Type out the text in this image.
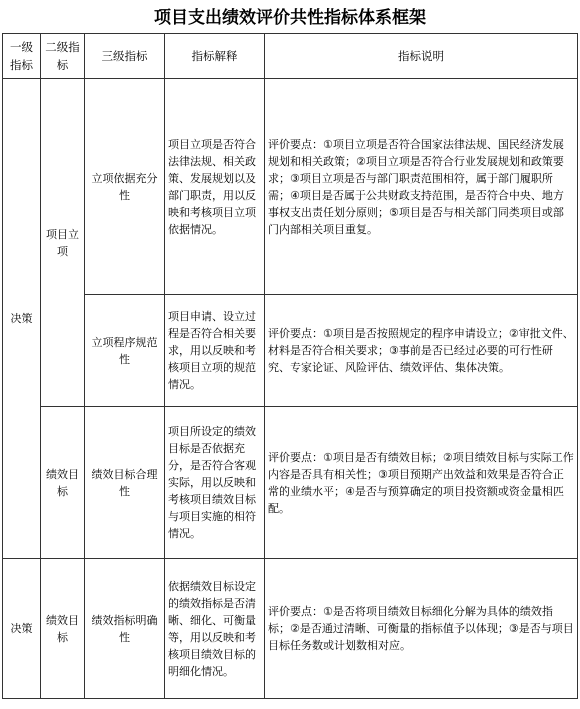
项目支出绩效评价共性指标体系框架
一级指标	二级指标	三级指标	指标解释	指标说明
决策	项目立项	立项依据充分性	项目立项是否符合法律法规、相关政策、发展规划以及部门职责，用以反映和考核项目立项依据情况。	评价要点：①项目立项是否符合国家法律法规、国民经济发展规划和相关政策；②项目立项是否符合行业发展规划和政策要求；③项目立项是否与部门职责范围相符，属于部门履职所需；④项目是否属于公共财政支持范围，是否符合中央、地方事权支出责任划分原则；⑤项目是否与相关部门同类项目或部门内部相关项目重复。
		立项程序规范性	项目申请、设立过程是否符合相关要求，用以反映和考核项目立项的规范情况。	评价要点：①项目是否按照规定的程序申请设立；②审批文件、材料是否符合相关要求；③事前是否已经过必要的可行性研究、专家论证、风险评估、绩效评估、集体决策。
	绩效目标	绩效目标合理性	项目所设定的绩效目标是否依据充分，是否符合客观实际，用以反映和考核项目绩效目标与项目实施的相符情况。	评价要点：①项目是否有绩效目标；②项目绩效目标与实际工作内容是否具有相关性；③项目预期产出效益和效果是否符合正常的业绩水平；④是否与预算确定的项目投资额或资金量相匹配。
决策	绩效目标	绩效指标明确性	依据绩效目标设定的绩效指标是否清晰、细化、可衡量等，用以反映和考核项目绩效目标的明细化情况。	评价要点：①是否将项目绩效目标细化分解为具体的绩效指标；②是否通过清晰、可衡量的指标值予以体现；③是否与项目目标任务数或计划数相对应。
